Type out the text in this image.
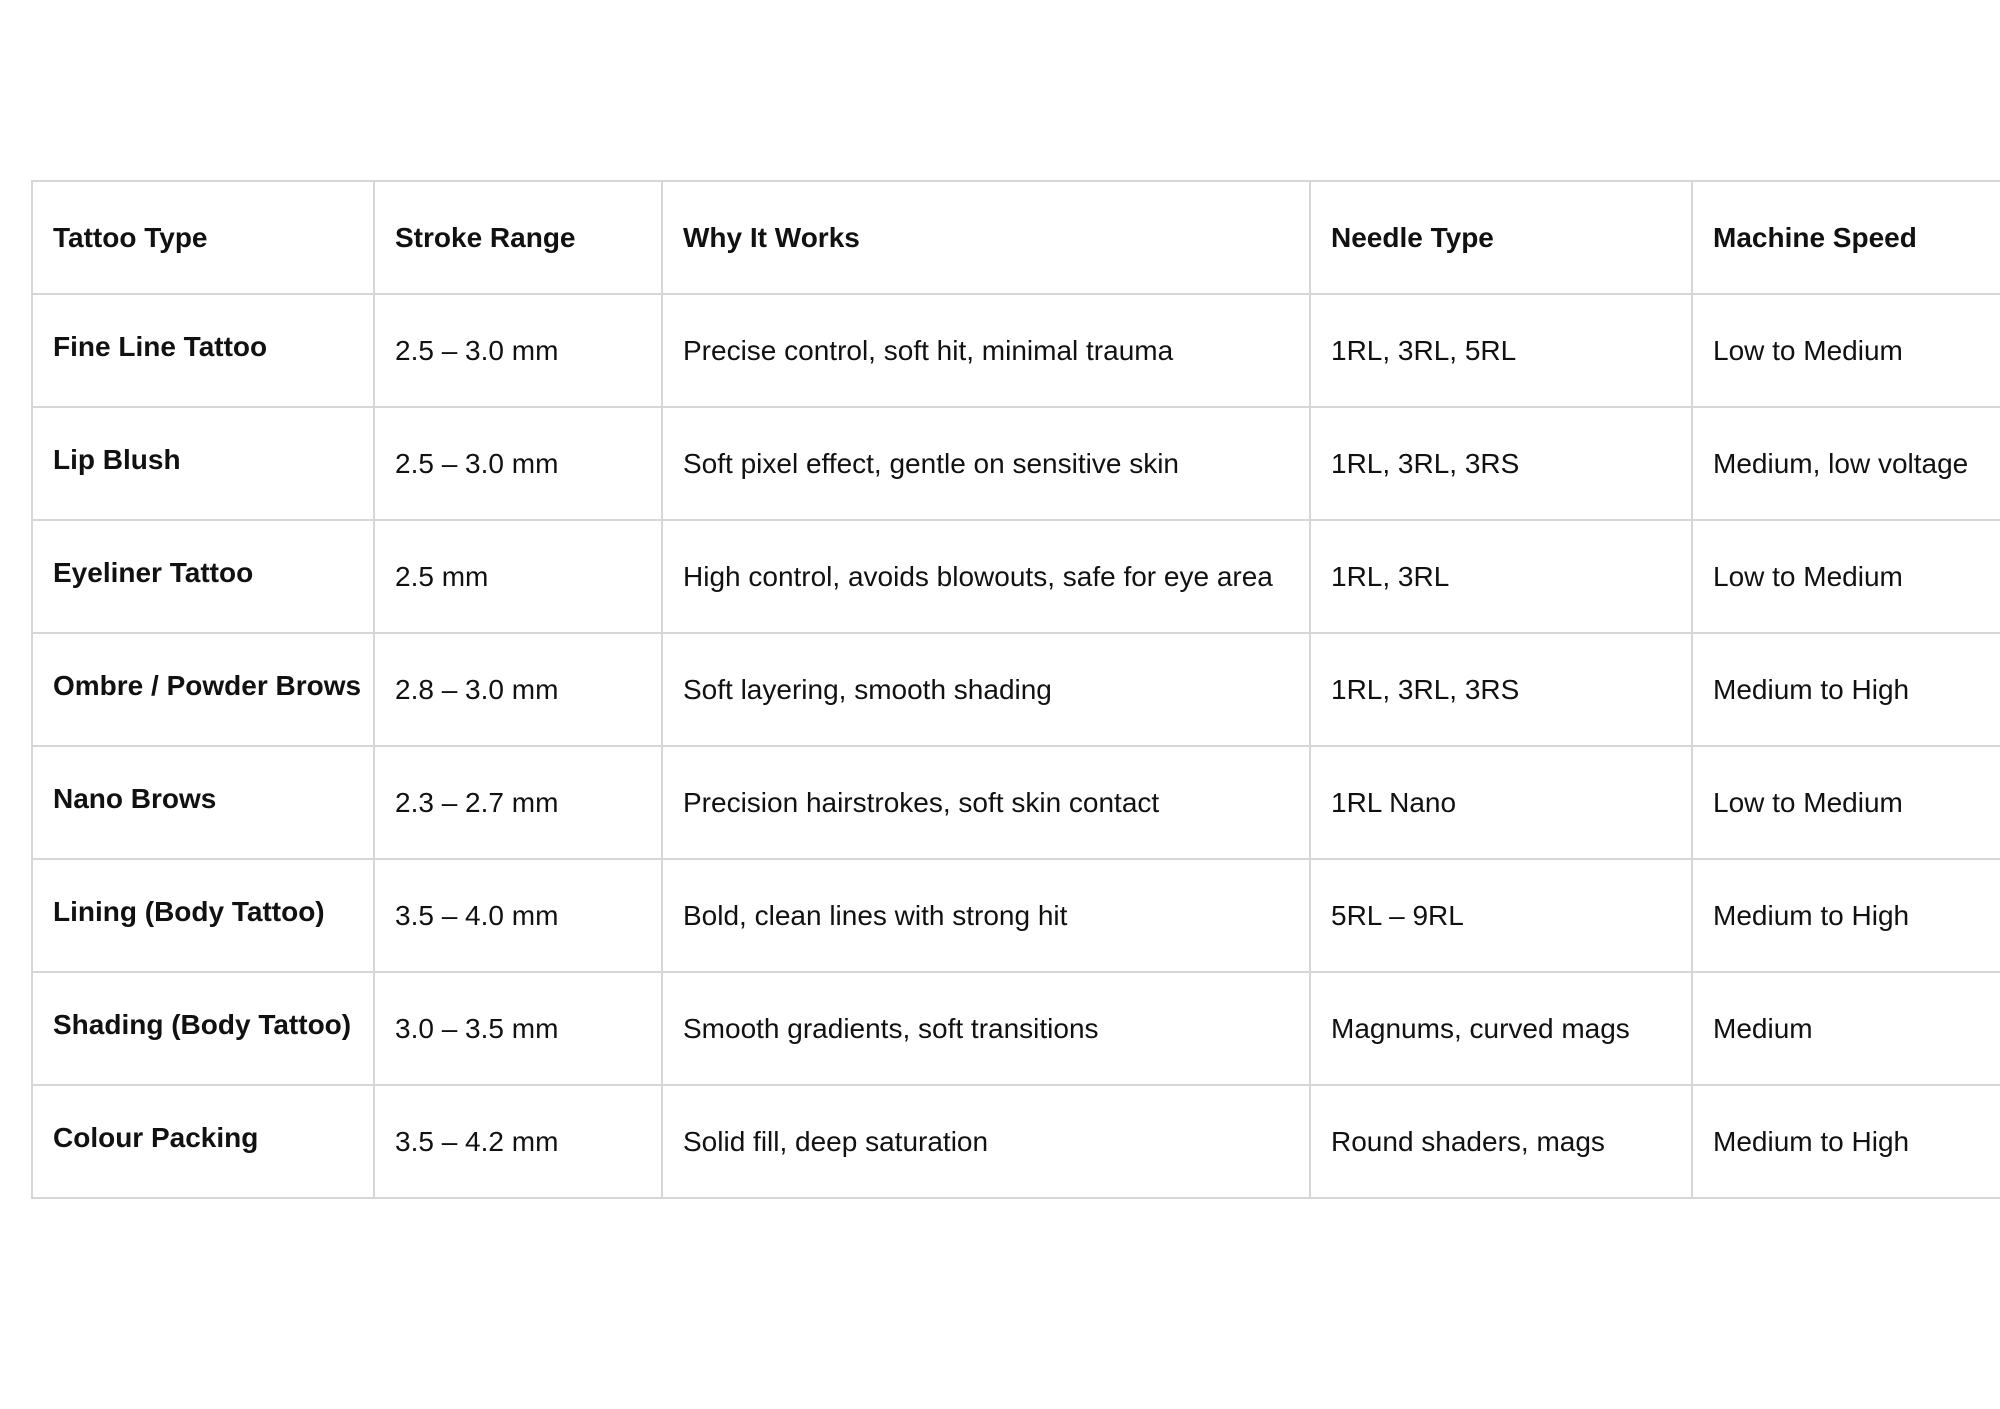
Tattoo Type	Stroke Range	Why It Works	Needle Type	Machine Speed
Fine Line Tattoo	2.5 – 3.0 mm	Precise control, soft hit, minimal trauma	1RL, 3RL, 5RL	Low to Medium
Lip Blush	2.5 – 3.0 mm	Soft pixel effect, gentle on sensitive skin	1RL, 3RL, 3RS	Medium, low voltage
Eyeliner Tattoo	2.5 mm	High control, avoids blowouts, safe for eye area	1RL, 3RL	Low to Medium
Ombre / Powder Brows	2.8 – 3.0 mm	Soft layering, smooth shading	1RL, 3RL, 3RS	Medium to High
Nano Brows	2.3 – 2.7 mm	Precision hairstrokes, soft skin contact	1RL Nano	Low to Medium
Lining (Body Tattoo)	3.5 – 4.0 mm	Bold, clean lines with strong hit	5RL – 9RL	Medium to High
Shading (Body Tattoo)	3.0 – 3.5 mm	Smooth gradients, soft transitions	Magnums, curved mags	Medium
Colour Packing	3.5 – 4.2 mm	Solid fill, deep saturation	Round shaders, mags	Medium to High
